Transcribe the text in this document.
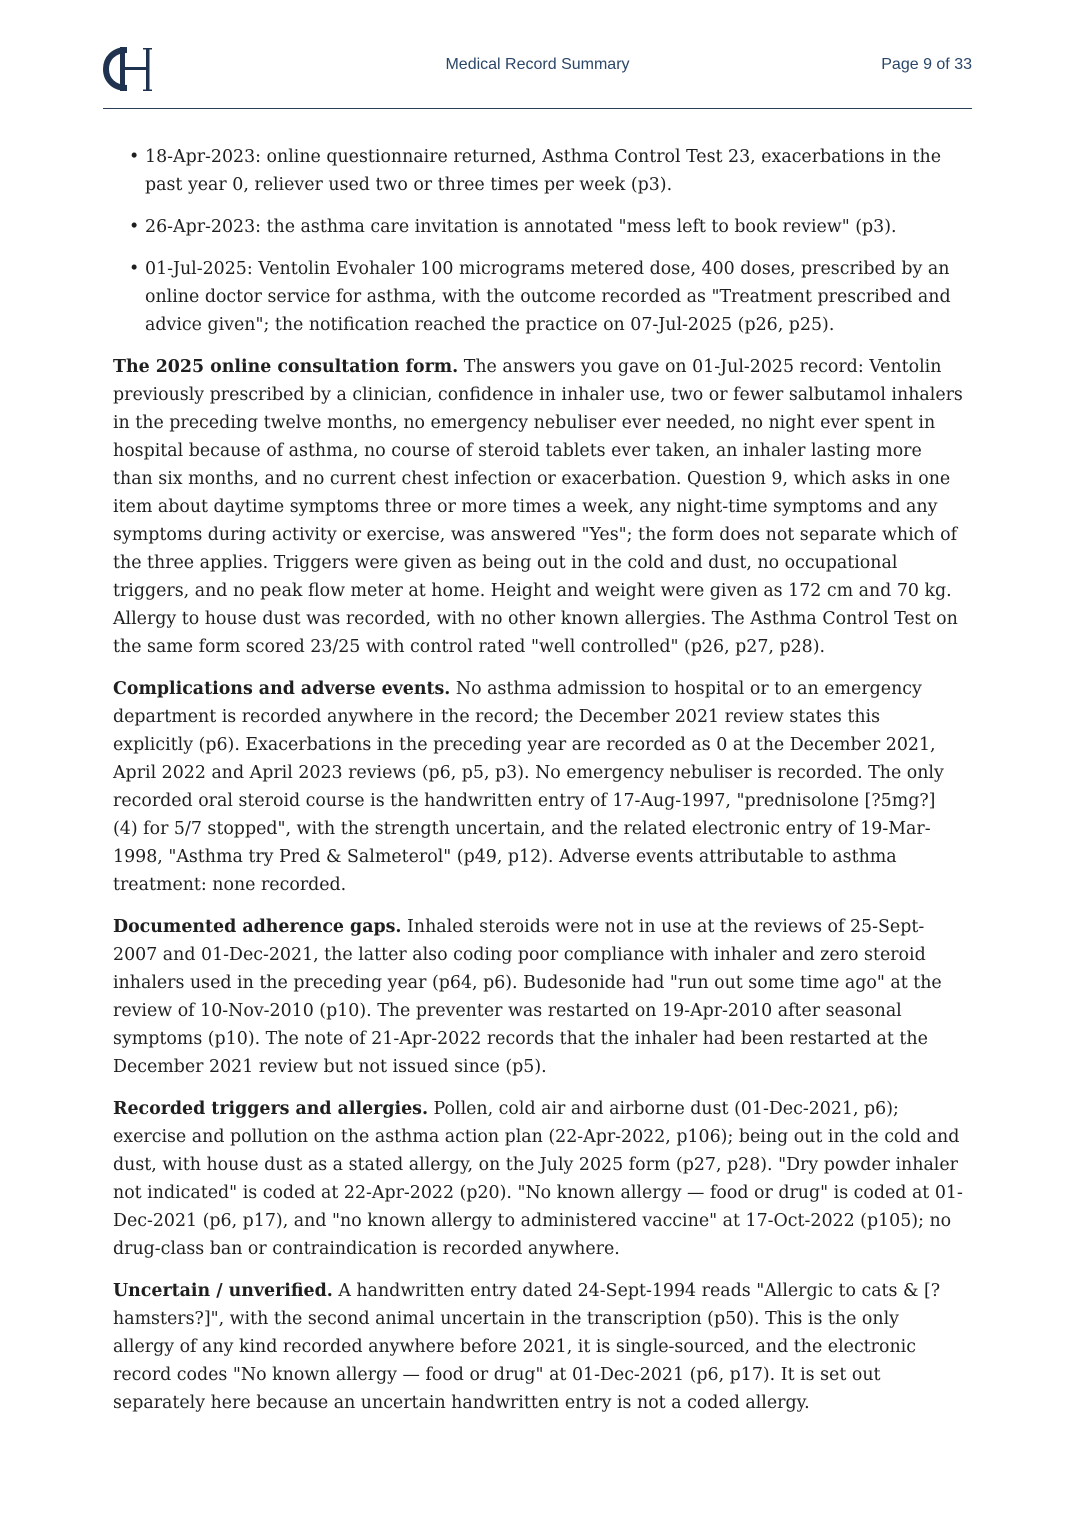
Medical Record Summary	Page 9 of 33

• 18-Apr-2023: online questionnaire returned, Asthma Control Test 23, exacerbations in the past year 0, reliever used two or three times per week (p3).

• 26-Apr-2023: the asthma care invitation is annotated "mess left to book review" (p3).

• 01-Jul-2025: Ventolin Evohaler 100 micrograms metered dose, 400 doses, prescribed by an online doctor service for asthma, with the outcome recorded as "Treatment prescribed and advice given"; the notification reached the practice on 07-Jul-2025 (p26, p25).

The 2025 online consultation form. The answers you gave on 01-Jul-2025 record: Ventolin previously prescribed by a clinician, confidence in inhaler use, two or fewer salbutamol inhalers in the preceding twelve months, no emergency nebuliser ever needed, no night ever spent in hospital because of asthma, no course of steroid tablets ever taken, an inhaler lasting more than six months, and no current chest infection or exacerbation. Question 9, which asks in one item about daytime symptoms three or more times a week, any night-time symptoms and any symptoms during activity or exercise, was answered "Yes"; the form does not separate which of the three applies. Triggers were given as being out in the cold and dust, no occupational triggers, and no peak flow meter at home. Height and weight were given as 172 cm and 70 kg. Allergy to house dust was recorded, with no other known allergies. The Asthma Control Test on the same form scored 23/25 with control rated "well controlled" (p26, p27, p28).

Complications and adverse events. No asthma admission to hospital or to an emergency department is recorded anywhere in the record; the December 2021 review states this explicitly (p6). Exacerbations in the preceding year are recorded as 0 at the December 2021, April 2022 and April 2023 reviews (p6, p5, p3). No emergency nebuliser is recorded. The only recorded oral steroid course is the handwritten entry of 17-Aug-1997, "prednisolone [?5mg?] (4) for 5/7 stopped", with the strength uncertain, and the related electronic entry of 19-Mar-1998, "Asthma try Pred & Salmeterol" (p49, p12). Adverse events attributable to asthma treatment: none recorded.

Documented adherence gaps. Inhaled steroids were not in use at the reviews of 25-Sept-2007 and 01-Dec-2021, the latter also coding poor compliance with inhaler and zero steroid inhalers used in the preceding year (p64, p6). Budesonide had "run out some time ago" at the review of 10-Nov-2010 (p10). The preventer was restarted on 19-Apr-2010 after seasonal symptoms (p10). The note of 21-Apr-2022 records that the inhaler had been restarted at the December 2021 review but not issued since (p5).

Recorded triggers and allergies. Pollen, cold air and airborne dust (01-Dec-2021, p6); exercise and pollution on the asthma action plan (22-Apr-2022, p106); being out in the cold and dust, with house dust as a stated allergy, on the July 2025 form (p27, p28). "Dry powder inhaler not indicated" is coded at 22-Apr-2022 (p20). "No known allergy — food or drug" is coded at 01-Dec-2021 (p6, p17), and "no known allergy to administered vaccine" at 17-Oct-2022 (p105); no drug-class ban or contraindication is recorded anywhere.

Uncertain / unverified. A handwritten entry dated 24-Sept-1994 reads "Allergic to cats & [?hamsters?]", with the second animal uncertain in the transcription (p50). This is the only allergy of any kind recorded anywhere before 2021, it is single-sourced, and the electronic record codes "No known allergy — food or drug" at 01-Dec-2021 (p6, p17). It is set out separately here because an uncertain handwritten entry is not a coded allergy.
